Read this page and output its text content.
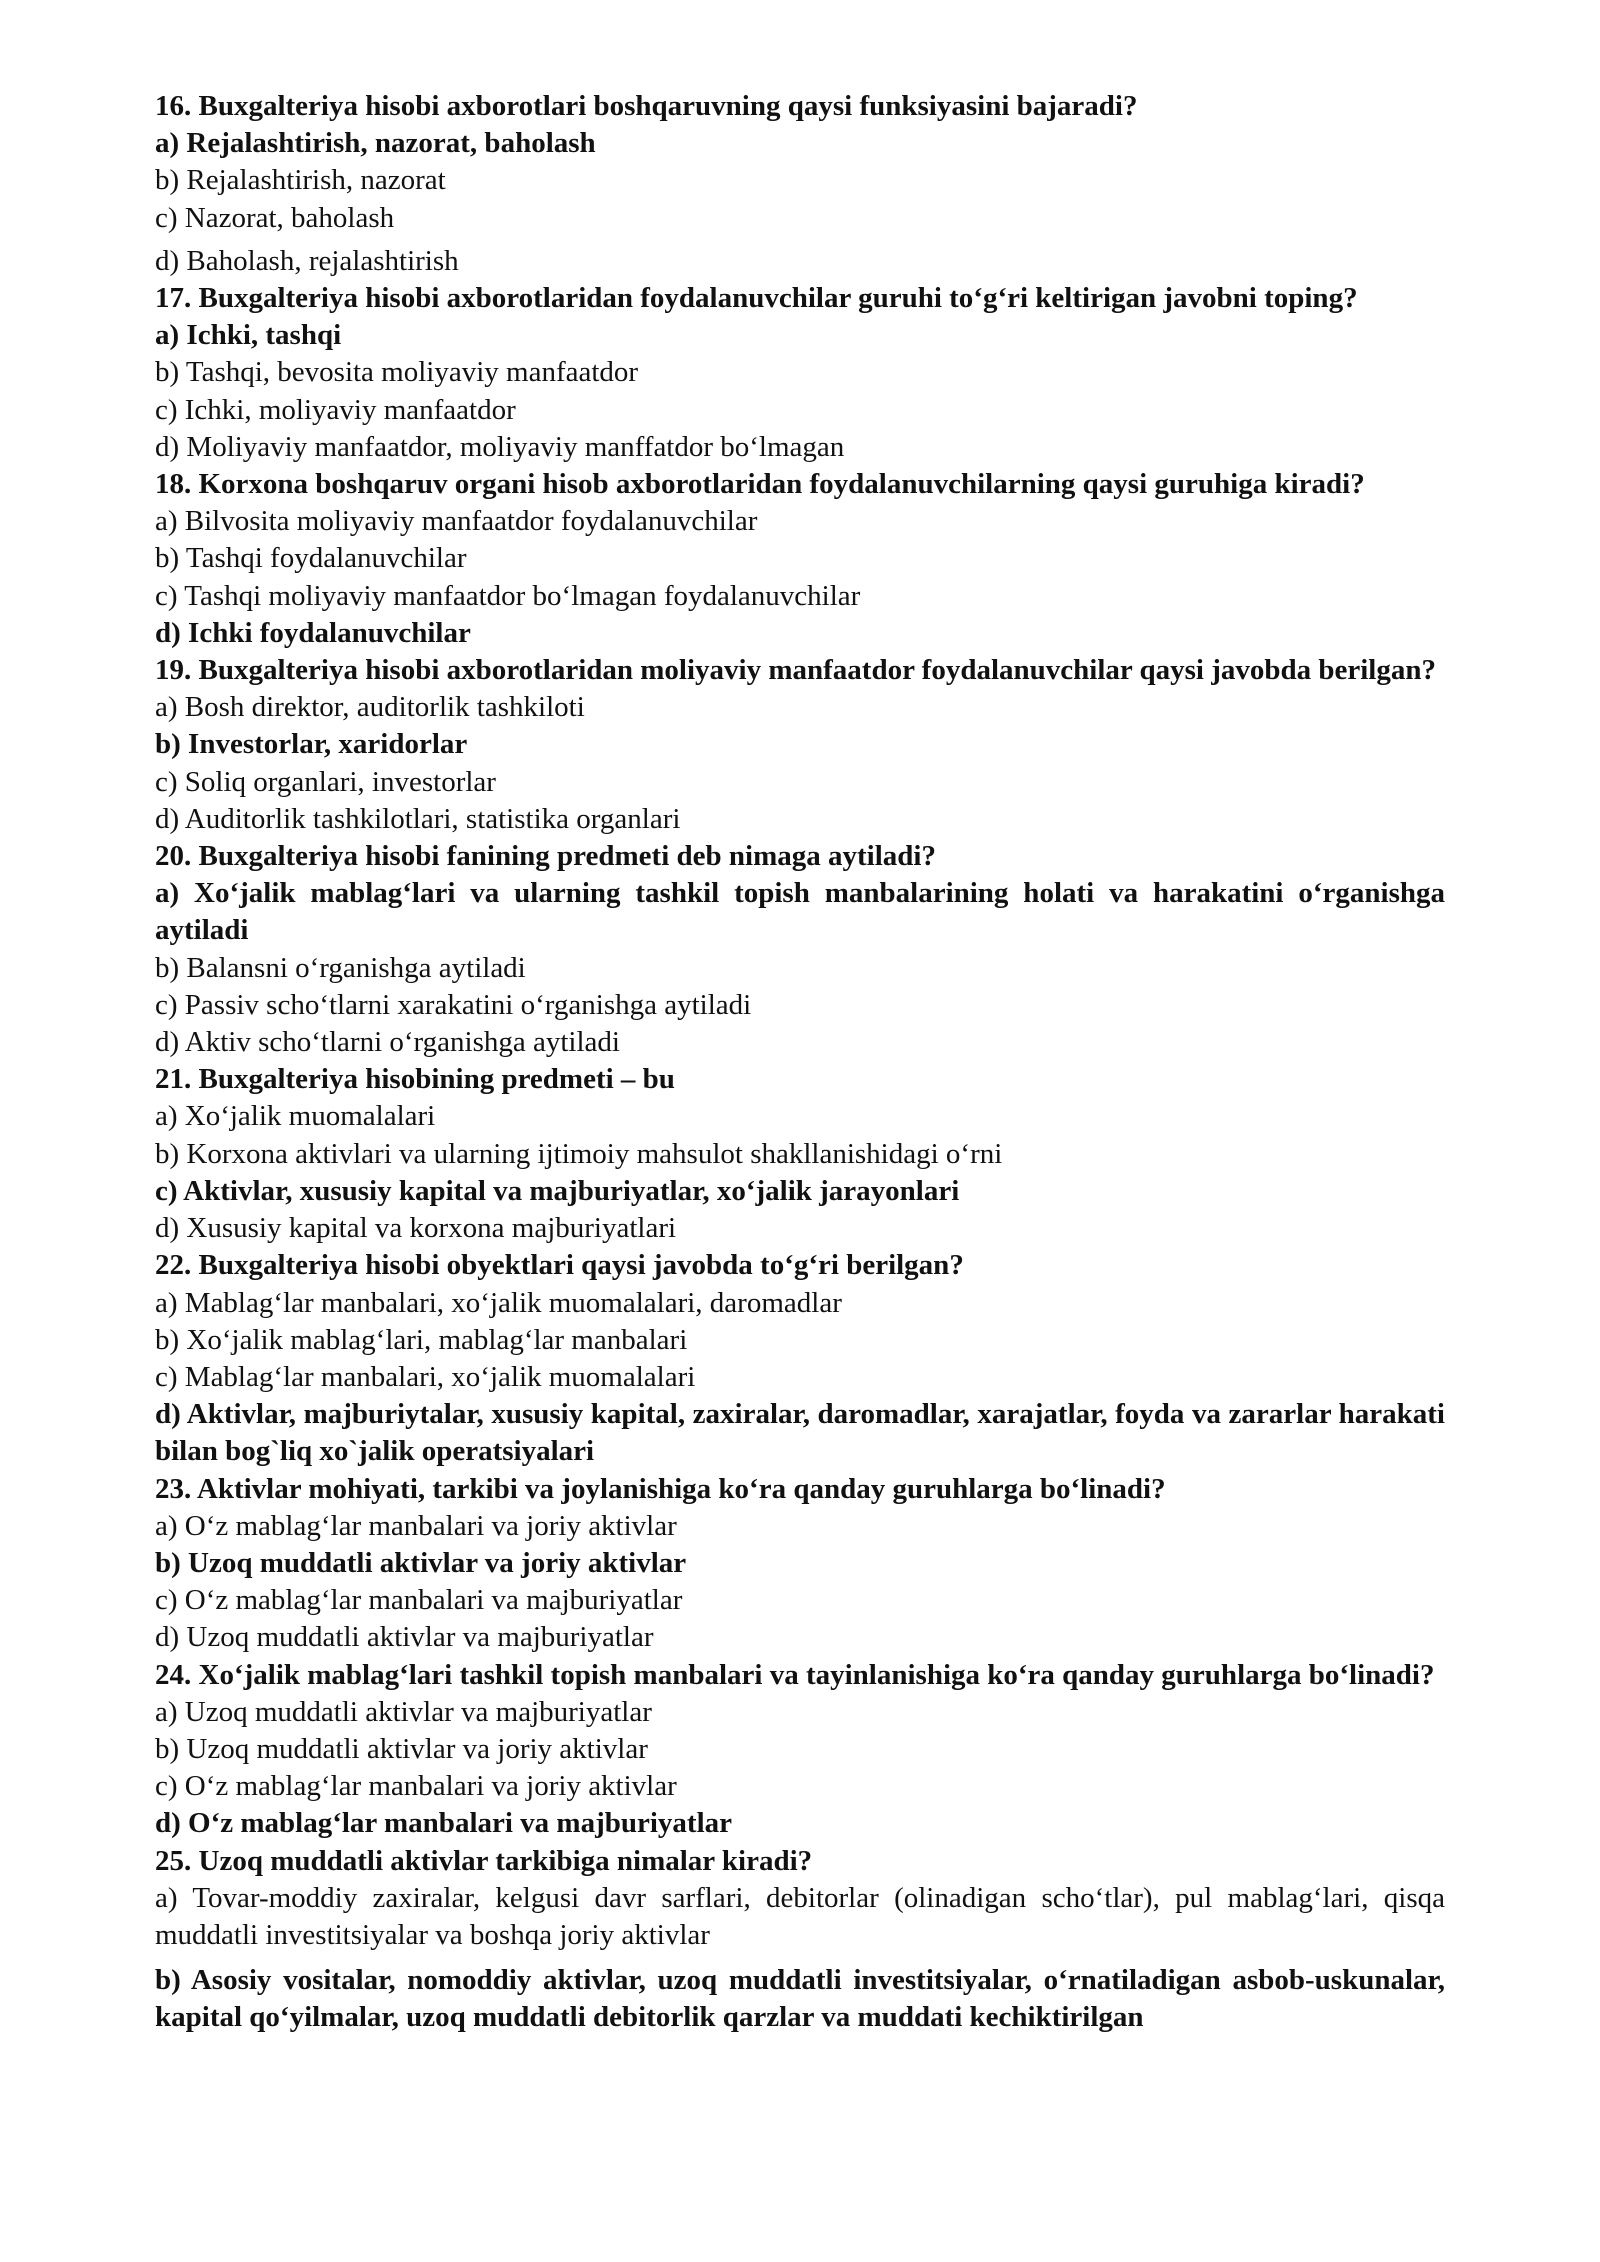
16. Buxgalteriya hisobi axborotlari boshqaruvning qaysi funksiyasini bajaradi?

a) Rejalashtirish, nazorat, baholash

b) Rejalashtirish, nazorat

c) Nazorat, baholash

d) Baholash, rejalashtirish

17. Buxgalteriya hisobi axborotlaridan foydalanuvchilar guruhi to‘g‘ri keltirigan javobni toping?

a) Ichki, tashqi

b) Tashqi, bevosita moliyaviy manfaatdor

c) Ichki, moliyaviy manfaatdor

d) Moliyaviy manfaatdor, moliyaviy manffatdor bo‘lmagan

18. Korxona boshqaruv organi hisob axborotlaridan foydalanuvchilarning qaysi guruhiga kiradi?

a) Bilvosita moliyaviy manfaatdor foydalanuvchilar

b) Tashqi foydalanuvchilar

c) Tashqi moliyaviy manfaatdor bo‘lmagan foydalanuvchilar

d) Ichki foydalanuvchilar

19. Buxgalteriya hisobi axborotlaridan moliyaviy manfaatdor foydalanuvchilar qaysi javobda berilgan?

a) Bosh direktor, auditorlik tashkiloti

b) Investorlar, xaridorlar

c) Soliq organlari, investorlar

d) Auditorlik tashkilotlari, statistika organlari

20. Buxgalteriya hisobi fanining predmeti deb nimaga aytiladi?

a) Xo‘jalik mablag‘lari va ularning tashkil topish manbalarining holati va harakatini o‘rganishga aytiladi

b) Balansni o‘rganishga aytiladi

c) Passiv scho‘tlarni xarakatini o‘rganishga aytiladi

d) Aktiv scho‘tlarni o‘rganishga aytiladi

21. Buxgalteriya hisobining predmeti – bu

a) Xo‘jalik muomalalari

b) Korxona aktivlari va ularning ijtimoiy mahsulot shakllanishidagi o‘rni

c) Aktivlar, xususiy kapital va majburiyatlar, xo‘jalik jarayonlari

d) Xususiy kapital va korxona majburiyatlari

22. Buxgalteriya hisobi obyektlari qaysi javobda to‘g‘ri berilgan?

a) Mablag‘lar manbalari, xo‘jalik muomalalari, daromadlar

b) Xo‘jalik mablag‘lari, mablag‘lar manbalari

c) Mablag‘lar manbalari, xo‘jalik muomalalari

d) Aktivlar, majburiytalar, xususiy kapital, zaxiralar, daromadlar, xarajatlar, foyda va zararlar harakati bilan bog`liq xo`jalik operatsiyalari

23. Aktivlar mohiyati, tarkibi va joylanishiga ko‘ra qanday guruhlarga bo‘linadi?

a) O‘z mablag‘lar manbalari va joriy aktivlar

b) Uzoq muddatli aktivlar va joriy aktivlar

c) O‘z mablag‘lar manbalari va majburiyatlar

d) Uzoq muddatli aktivlar va majburiyatlar

24. Xo‘jalik mablag‘lari tashkil topish manbalari va tayinlanishiga ko‘ra qanday guruhlarga bo‘linadi?

a) Uzoq muddatli aktivlar va majburiyatlar

b) Uzoq muddatli aktivlar va joriy aktivlar

c) O‘z mablag‘lar manbalari va joriy aktivlar

d) O‘z mablag‘lar manbalari va majburiyatlar

25. Uzoq muddatli aktivlar tarkibiga nimalar kiradi?

a) Tovar-moddiy zaxiralar, kelgusi davr sarflari, debitorlar (olinadigan scho‘tlar), pul mablag‘lari, qisqa muddatli investitsiyalar va boshqa joriy aktivlar

b) Asosiy vositalar, nomoddiy aktivlar, uzoq muddatli investitsiyalar, o‘rnatiladigan asbob-uskunalar, kapital qo‘yilmalar, uzoq muddatli debitorlik qarzlar va muddati kechiktirilgan
